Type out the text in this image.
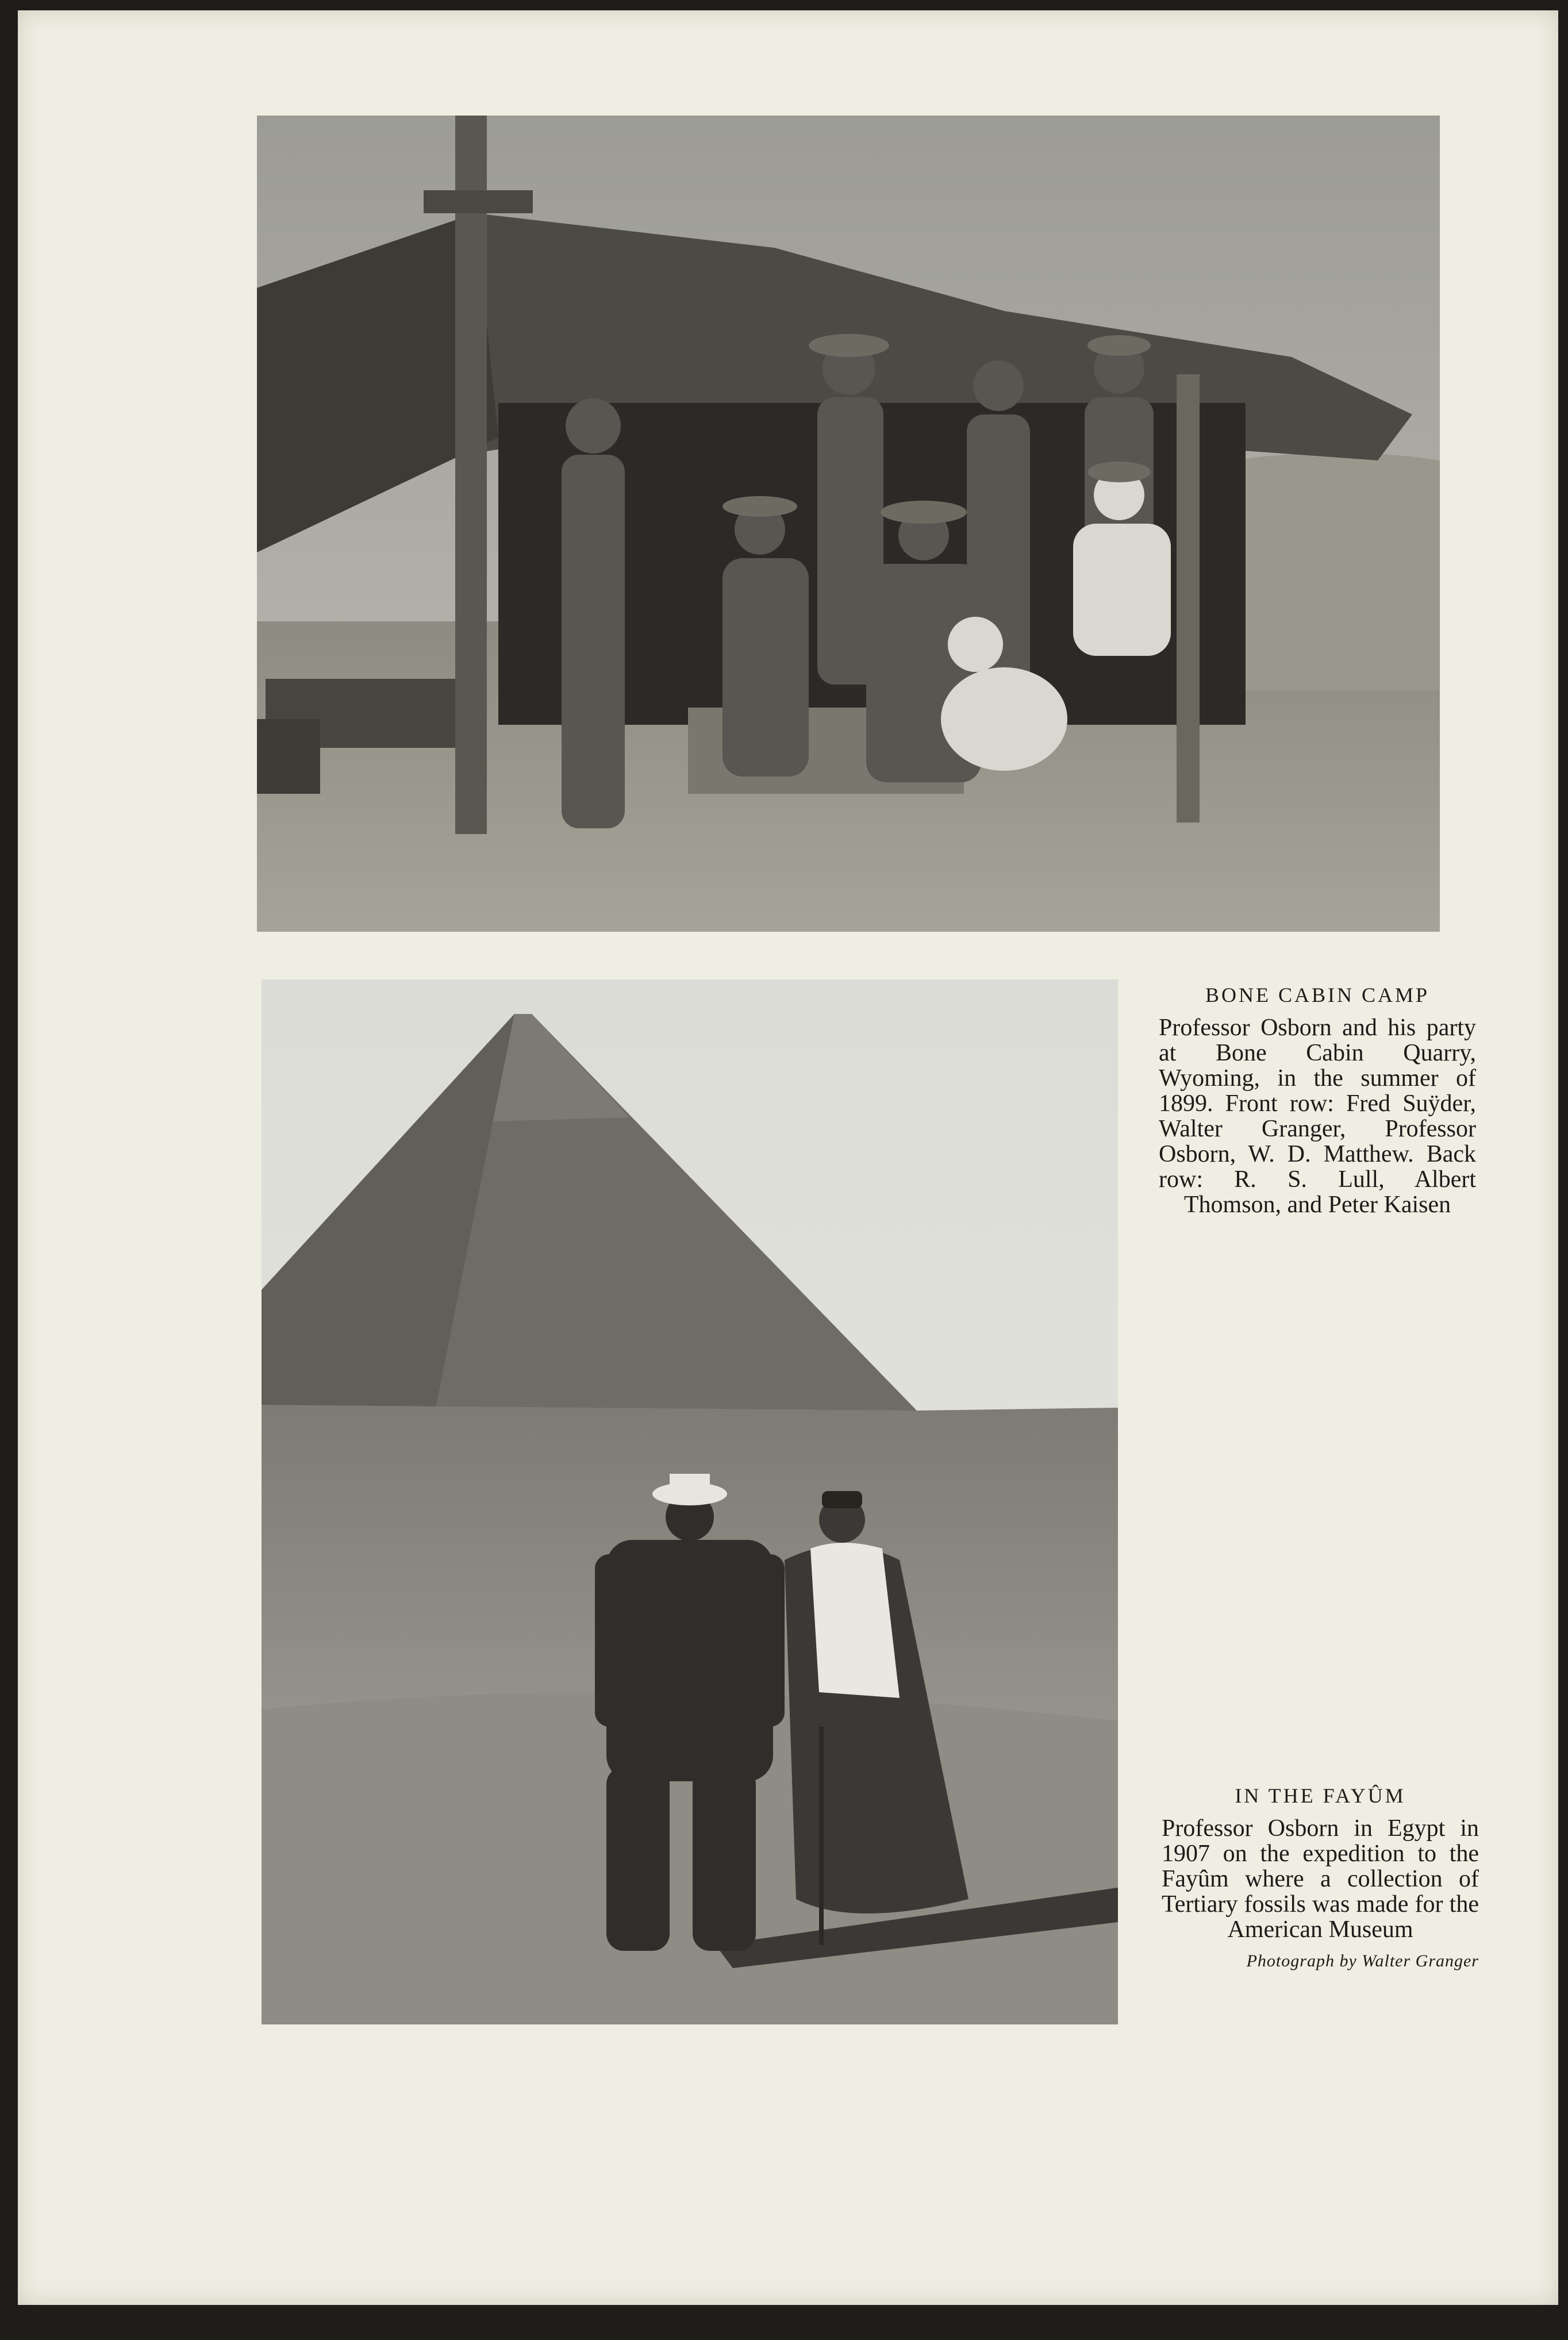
BONE CABIN CAMP
Professor Osborn and his party at Bone Cabin Quarry, Wyoming, in the summer of 1899. Front row: Fred Suÿder, Walter Granger, Professor Osborn, W. D. Matthew. Back row: R. S. Lull, Albert Thomson, and Peter Kaisen
IN THE FAYÛM
Professor Osborn in Egypt in 1907 on the expedition to the Fayûm where a collection of Tertiary fossils was made for the American Museum
Photograph by Walter Granger
